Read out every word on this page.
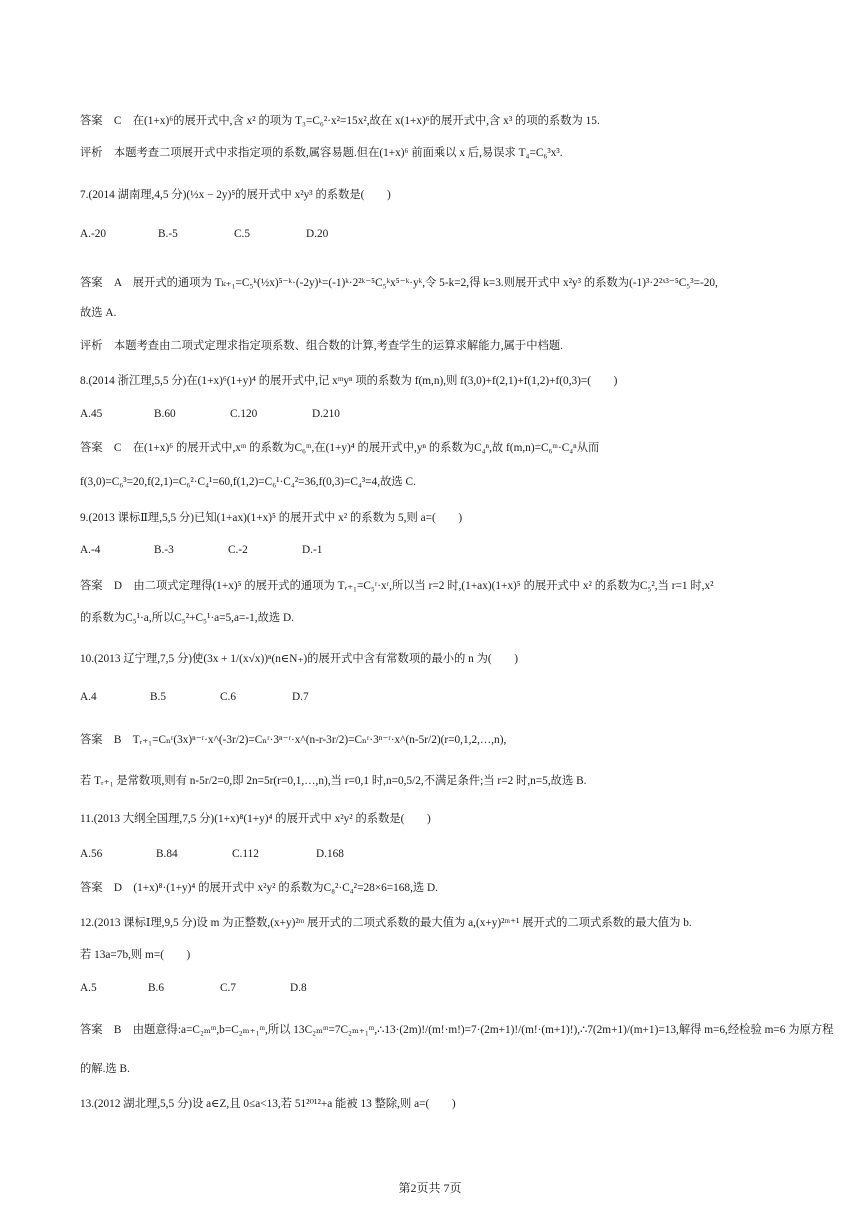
答案　C　在(1+x)⁶的展开式中,含 x² 的项为 T₃=C₆²·x²=15x²,故在 x(1+x)⁶的展开式中,含 x³ 的项的系数为 15.
评析　本题考查二项展开式中求指定项的系数,属容易题.但在(1+x)⁶ 前面乘以 x 后,易误求 T₄=C₆³x³.
7.(2014 湖南理,4,5 分)(½x − 2y)⁵的展开式中 x²y³ 的系数是(　　)
A.-20	B.-5	C.5	D.20
答案　A　展开式的通项为 Tₖ₊₁=C₅ᵏ(½x)⁵⁻ᵏ·(-2y)ᵏ=(-1)ᵏ·2²ᵏ⁻⁵C₅ᵏx⁵⁻ᵏ·yᵏ,令 5-k=2,得 k=3.则展开式中 x²y³ 的系数为(-1)³·2²ˣ³⁻⁵C₅³=-20,
故选 A.
评析　本题考查由二项式定理求指定项系数、组合数的计算,考查学生的运算求解能力,属于中档题.
8.(2014 浙江理,5,5 分)在(1+x)⁶(1+y)⁴ 的展开式中,记 xᵐyⁿ 项的系数为 f(m,n),则 f(3,0)+f(2,1)+f(1,2)+f(0,3)=(　　)
A.45	B.60	C.120	D.210
答案　C　在(1+x)⁶ 的展开式中,xᵐ 的系数为C₆ᵐ,在(1+y)⁴ 的展开式中,yⁿ 的系数为C₄ⁿ,故 f(m,n)=C₆ᵐ·C₄ⁿ从而
f(3,0)=C₆³=20,f(2,1)=C₆²·C₄¹=60,f(1,2)=C₆¹·C₄²=36,f(0,3)=C₄³=4,故选 C.
9.(2013 课标Ⅱ理,5,5 分)已知(1+ax)(1+x)⁵ 的展开式中 x² 的系数为 5,则 a=(　　)
A.-4	B.-3	C.-2	D.-1
答案　D　由二项式定理得(1+x)⁵ 的展开式的通项为 Tᵣ₊₁=C₅ʳ·xʳ,所以当 r=2 时,(1+ax)(1+x)⁵ 的展开式中 x² 的系数为C₅²,当 r=1 时,x²
的系数为C₅¹·a,所以C₅²+C₅¹·a=5,a=-1,故选 D.
10.(2013 辽宁理,7,5 分)使(3x + 1/(x√x))ⁿ(n∈N₊)的展开式中含有常数项的最小的 n 为(　　)
A.4	B.5	C.6	D.7
答案　B　Tᵣ₊₁=Cₙʳ(3x)ⁿ⁻ʳ·x^(-3r/2)=Cₙʳ·3ⁿ⁻ʳ·x^(n-r-3r/2)=Cₙʳ·3ⁿ⁻ʳ·x^(n-5r/2)(r=0,1,2,…,n),
若 Tᵣ₊₁ 是常数项,则有 n-5r/2=0,即 2n=5r(r=0,1,…,n),当 r=0,1 时,n=0,5/2,不满足条件;当 r=2 时,n=5,故选 B.
11.(2013 大纲全国理,7,5 分)(1+x)⁸(1+y)⁴ 的展开式中 x²y² 的系数是(　　)
A.56	B.84	C.112	D.168
答案　D　(1+x)⁸·(1+y)⁴ 的展开式中 x²y² 的系数为C₈²·C₄²=28×6=168,选 D.
12.(2013 课标Ⅰ理,9,5 分)设 m 为正整数,(x+y)²ᵐ 展开式的二项式系数的最大值为 a,(x+y)²ᵐ⁺¹ 展开式的二项式系数的最大值为 b.
若 13a=7b,则 m=(　　)
A.5	B.6	C.7	D.8
答案　B　由题意得:a=C₂ₘᵐ,b=C₂ₘ₊₁ᵐ,所以 13C₂ₘᵐ=7C₂ₘ₊₁ᵐ,∴13·(2m)!/(m!·m!)=7·(2m+1)!/(m!·(m+1)!),∴7(2m+1)/(m+1)=13,解得 m=6,经检验 m=6 为原方程
的解.选 B.
13.(2012 湖北理,5,5 分)设 a∈Z,且 0≤a<13,若 51²⁰¹²+a 能被 13 整除,则 a=(　　)
第2页共 7页
